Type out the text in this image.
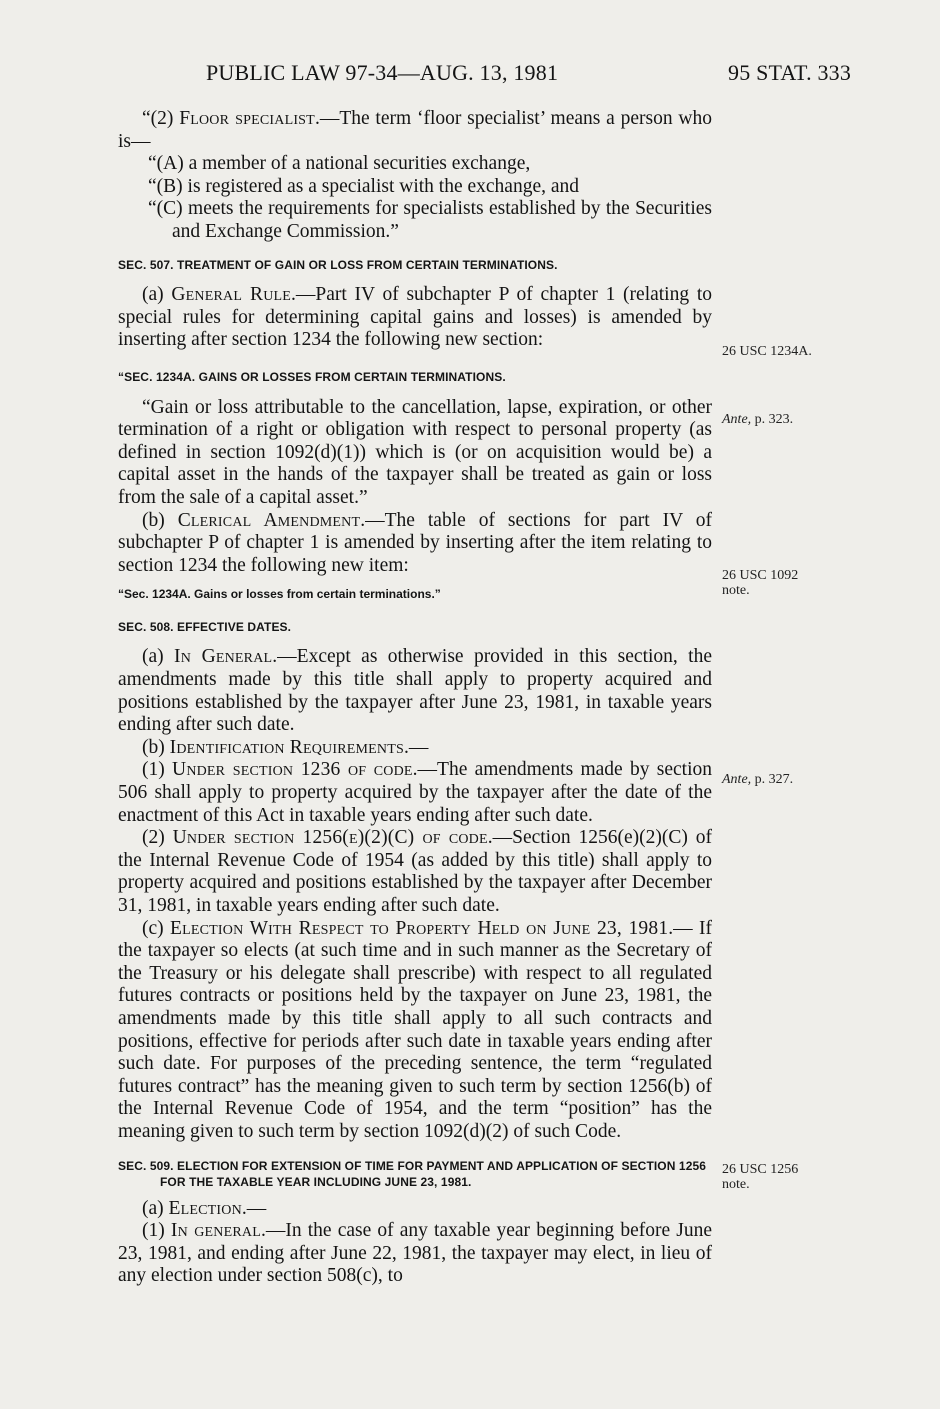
PUBLIC LAW 97-34—AUG. 13, 1981	95 STAT. 333

“(2) Floor specialist.—The term ‘floor specialist’ means a person who is—

“(A) a member of a national securities exchange,

“(B) is registered as a specialist with the exchange, and

“(C) meets the requirements for specialists established by the Securities and Exchange Commission.”

SEC. 507. TREATMENT OF GAIN OR LOSS FROM CERTAIN TERMINATIONS.

(a) General Rule.—Part IV of subchapter P of chapter 1 (relating to special rules for determining capital gains and losses) is amended by inserting after section 1234 the following new section:

“SEC. 1234A. GAINS OR LOSSES FROM CERTAIN TERMINATIONS.

“Gain or loss attributable to the cancellation, lapse, expiration, or other termination of a right or obligation with respect to personal property (as defined in section 1092(d)(1)) which is (or on acquisition would be) a capital asset in the hands of the taxpayer shall be treated as gain or loss from the sale of a capital asset.”

(b) Clerical Amendment.—The table of sections for part IV of subchapter P of chapter 1 is amended by inserting after the item relating to section 1234 the following new item:

“Sec. 1234A. Gains or losses from certain terminations.”

SEC. 508. EFFECTIVE DATES.

(a) In General.—Except as otherwise provided in this section, the amendments made by this title shall apply to property acquired and positions established by the taxpayer after June 23, 1981, in taxable years ending after such date.

(b) Identification Requirements.—

(1) Under section 1236 of code.—The amendments made by section 506 shall apply to property acquired by the taxpayer after the date of the enactment of this Act in taxable years ending after such date.

(2) Under section 1256(e)(2)(C) of code.—Section 1256(e)(2)(C) of the Internal Revenue Code of 1954 (as added by this title) shall apply to property acquired and positions established by the taxpayer after December 31, 1981, in taxable years ending after such date.

(c) Election With Respect to Property Held on June 23, 1981.— If the taxpayer so elects (at such time and in such manner as the Secretary of the Treasury or his delegate shall prescribe) with respect to all regulated futures contracts or positions held by the taxpayer on June 23, 1981, the amendments made by this title shall apply to all such contracts and positions, effective for periods after such date in taxable years ending after such date. For purposes of the preceding sentence, the term “regulated futures contract” has the meaning given to such term by section 1256(b) of the Internal Revenue Code of 1954, and the term “position” has the meaning given to such term by section 1092(d)(2) of such Code.

SEC. 509. ELECTION FOR EXTENSION OF TIME FOR PAYMENT AND APPLICATION OF SECTION 1256 FOR THE TAXABLE YEAR INCLUDING JUNE 23, 1981.

(a) Election.—

(1) In general.—In the case of any taxable year beginning before June 23, 1981, and ending after June 22, 1981, the taxpayer may elect, in lieu of any election under section 508(c), to

26 USC 1234A.
Ante, p. 323.
26 USC 1092 note.
Ante, p. 327.
26 USC 1256 note.
